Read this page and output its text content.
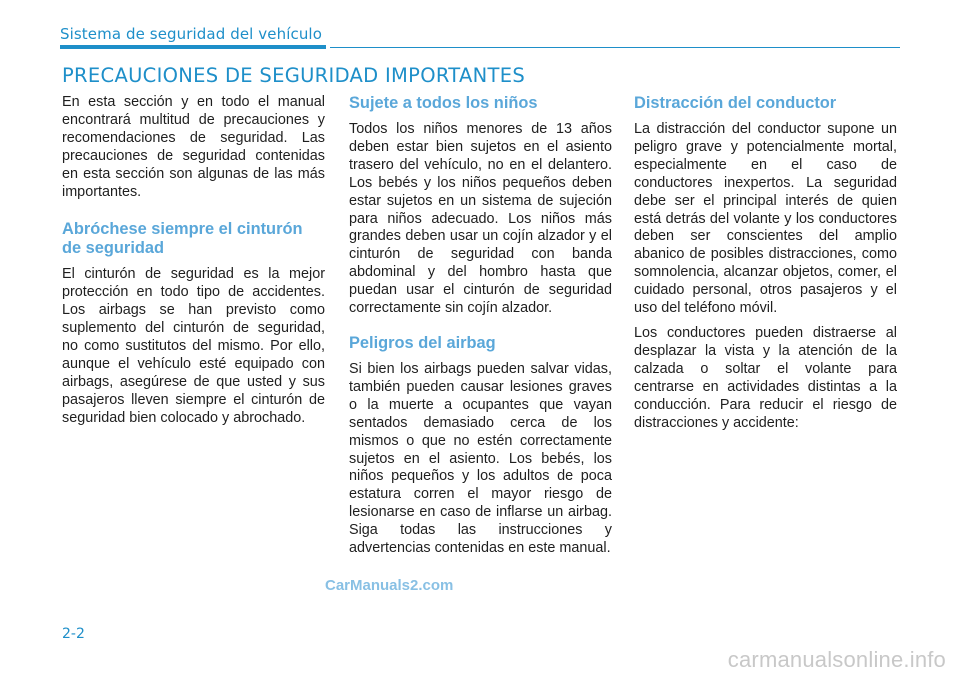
Sistema de seguridad del vehículo
PRECAUCIONES DE SEGURIDAD IMPORTANTES

En esta sección y en todo el manual encontrará multitud de precauciones y recomendaciones de seguridad. Las precauciones de seguridad contenidas en esta sección son algunas de las más importantes.

Abróchese siempre el cinturón de seguridad

El cinturón de seguridad es la mejor protección en todo tipo de accidentes. Los airbags se han previsto como suplemento del cinturón de seguridad, no como sustitutos del mismo. Por ello, aunque el vehículo esté equipado con airbags, asegúrese de que usted y sus pasajeros lleven siempre el cinturón de seguridad bien colocado y abrochado.

Sujete a todos los niños

Todos los niños menores de 13 años deben estar bien sujetos en el asiento trasero del vehículo, no en el delantero. Los bebés y los niños pequeños deben estar sujetos en un sistema de sujeción para niños adecuado. Los niños más grandes deben usar un cojín alzador y el cinturón de seguridad con banda abdominal y del hombro hasta que puedan usar el cinturón de seguridad correctamente sin cojín alzador.

Peligros del airbag

Si bien los airbags pueden salvar vidas, también pueden causar lesiones graves o la muerte a ocupantes que vayan sentados demasiado cerca de los mismos o que no estén correctamente sujetos en el asiento. Los bebés, los niños pequeños y los adultos de poca estatura corren el mayor riesgo de lesionarse en caso de inflarse un airbag. Siga todas las instrucciones y advertencias contenidas en este manual.

Distracción del conductor

La distracción del conductor supone un peligro grave y potencialmente mortal, especialmente en el caso de conductores inexpertos. La seguridad debe ser el principal interés de quien está detrás del volante y los conductores deben ser conscientes del amplio abanico de posibles distracciones, como somnolencia, alcanzar objetos, comer, el cuidado personal, otros pasajeros y el uso del teléfono móvil.

Los conductores pueden distraerse al desplazar la vista y la atención de la calzada o soltar el volante para centrarse en actividades distintas a la conducción. Para reducir el riesgo de distracciones y accidente:

CarManuals2.com
2-2
carmanualsonline.info
